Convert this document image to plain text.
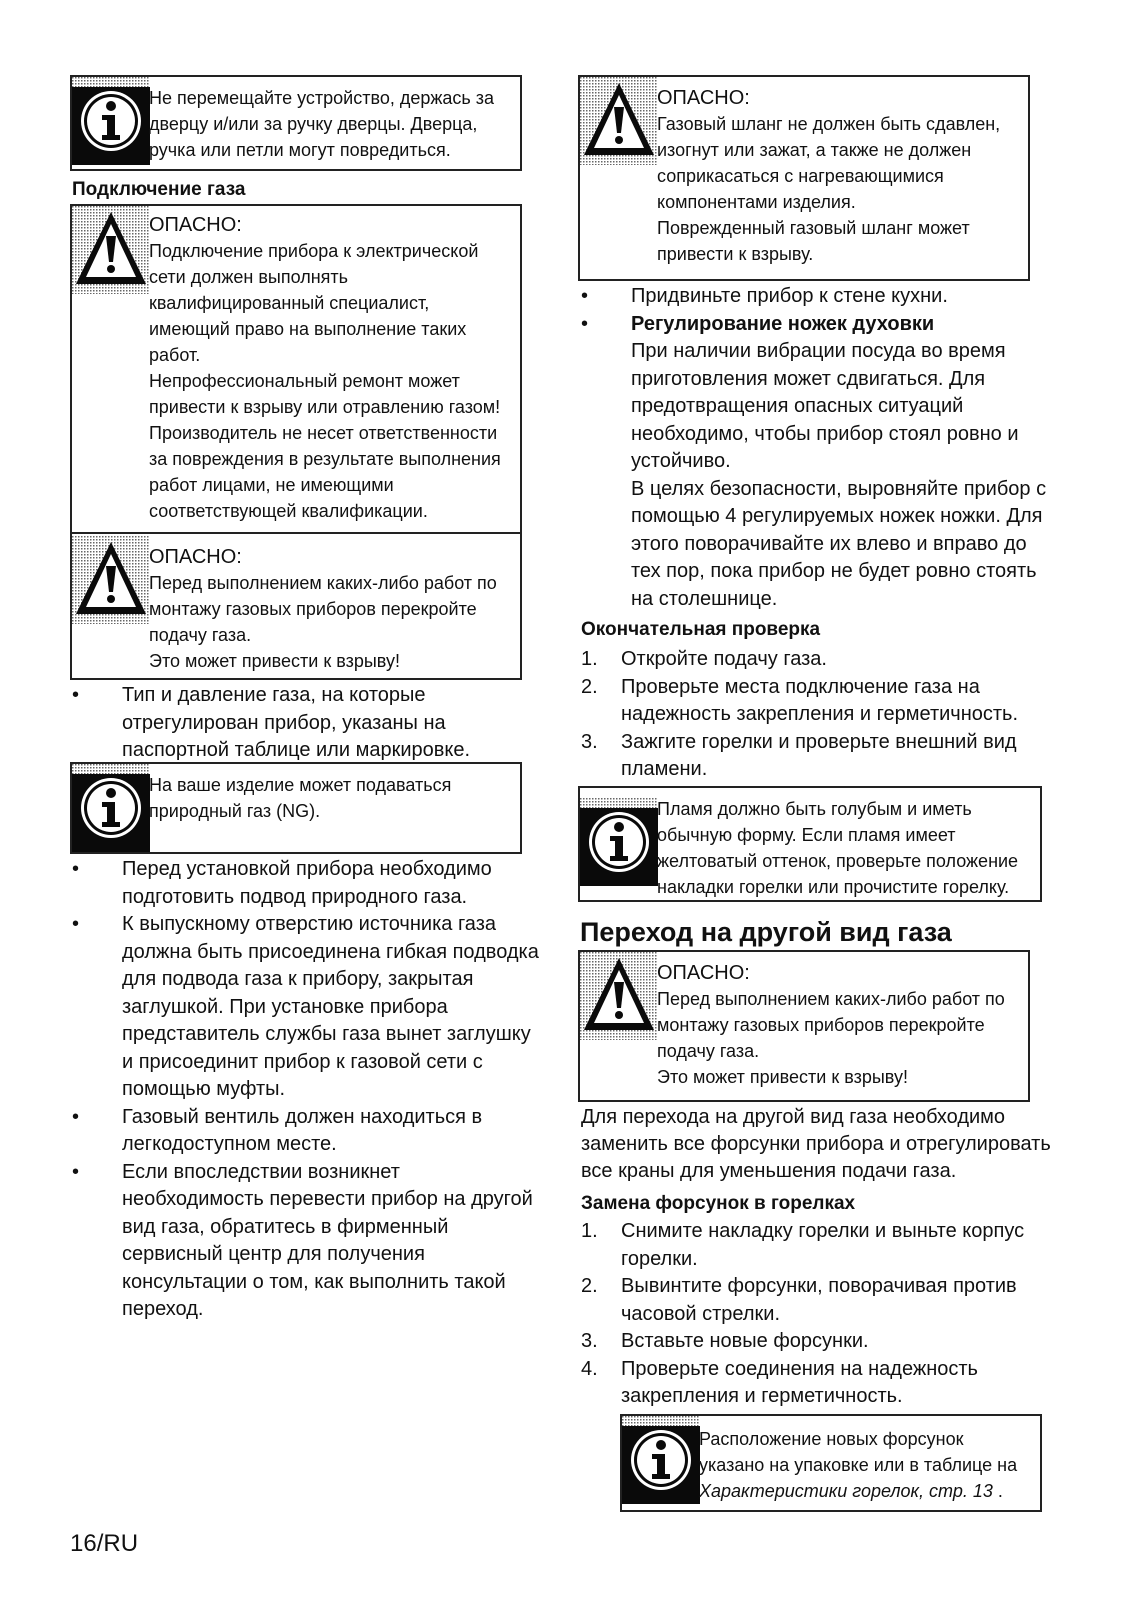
Не перемещайте устройство, держась за

дверцу и/или за ручку дверцы. Дверца,

ручка или петли могут повредиться.

Подключение газа

ОПАСНО:

Подключение прибора к электрической

сети должен выполнять

квалифицированный специалист,

имеющий право на выполнение таких

работ.

Непрофессиональный ремонт может

привести к взрыву или отравлению газом!

Производитель не несет ответственности

за повреждения в результате выполнения

работ лицами, не имеющими

соответствующей квалификации.

ОПАСНО:

Перед выполнением каких-либо работ по

монтажу газовых приборов перекройте

подачу газа.

Это может привести к взрыву!

• Тип и давление газа, на которые
отрегулирован прибор, указаны на
паспортной таблице или маркировке.

На ваше изделие может подаваться

природный газ (NG).

• Перед установкой прибора необходимо
подготовить подвод природного газа.
• К выпускному отверстию источника газа
должна быть присоединена гибкая подводка
для подвода газа к прибору, закрытая
заглушкой. При установке прибора
представитель службы газа вынет заглушку
и присоединит прибор к газовой сети с
помощью муфты.
• Газовый вентиль должен находиться в
легкодоступном месте.
• Если впоследствии возникнет
необходимость перевести прибор на другой
вид газа, обратитесь в фирменный
сервисный центр для получения
консультации о том, как выполнить такой
переход.

ОПАСНО:

Газовый шланг не должен быть сдавлен,

изогнут или зажат, а также не должен

соприкасаться с нагревающимися

компонентами изделия.

Поврежденный газовый шланг может

привести к взрыву.

• Придвиньте прибор к стене кухни.
• Регулирование ножек духовки
При наличии вибрации посуда во время
приготовления может сдвигаться. Для
предотвращения опасных ситуаций
необходимо, чтобы прибор стоял ровно и
устойчиво.
В целях безопасности, выровняйте прибор с
помощью 4 регулируемых ножек ножки. Для
этого поворачивайте их влево и вправо до
тех пор, пока прибор не будет ровно стоять
на столешнице.
Окончательная проверка
1. Откройте подачу газа.
2. Проверьте места подключение газа на
надежность закрепления и герметичность.
3. Зажгите горелки и проверьте внешний вид
пламени.

Пламя должно быть голубым и иметь

обычную форму. Если пламя имеет

желтоватый оттенок, проверьте положение

накладки горелки или прочистите горелку.

Переход на другой вид газа

ОПАСНО:

Перед выполнением каких-либо работ по

монтажу газовых приборов перекройте

подачу газа.

Это может привести к взрыву!

Для перехода на другой вид газа необходимо
заменить все форсунки прибора и отрегулировать
все краны для уменьшения подачи газа.
Замена форсунок в горелках
1. Снимите накладку горелки и выньте корпус
горелки.
2. Вывинтите форсунки, поворачивая против
часовой стрелки.
3. Вставьте новые форсунки.
4. Проверьте соединения на надежность
закрепления и герметичность.

Расположение новых форсунок

указано на упаковке или в таблице на

Характеристики горелок, стр. 13 .

16/RU
